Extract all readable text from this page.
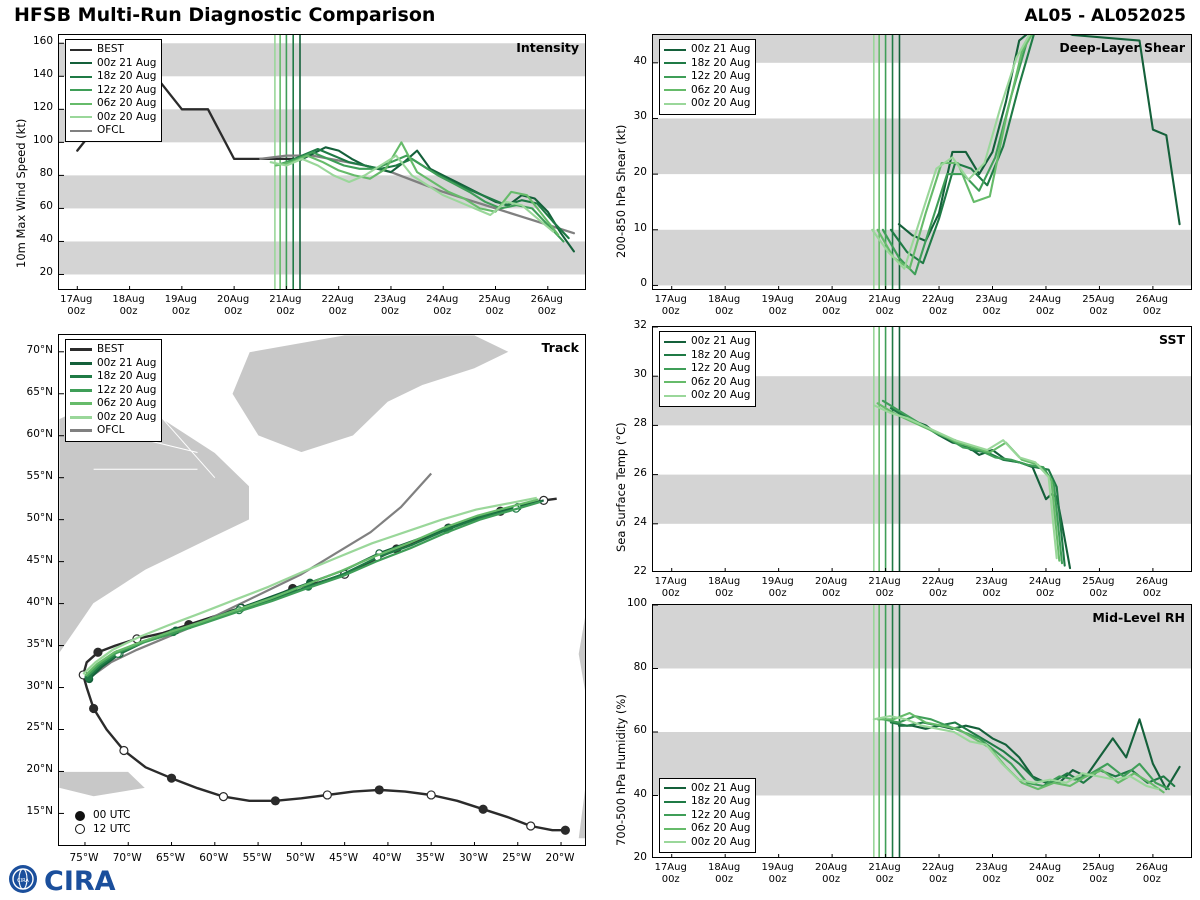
HFSB Multi-Run Diagnostic Comparison	AL05 - AL052025
10m Max Wind Speed (kt)
20
40
60
80
100
120
140
160	Intensity
BEST
00z 21 Aug
18z 20 Aug
12z 20 Aug
06z 20 Aug
00z 20 Aug
OFCL
17Aug
00z
18Aug
00z
19Aug
00z
20Aug
00z
21Aug
00z
22Aug
00z
23Aug
00z
24Aug
00z
25Aug
00z
26Aug
00z
200-850 hPa Shear (kt)
0
10
20
30
40
Deep-Layer Shear
00z 21 Aug
18z 20 Aug
12z 20 Aug
06z 20 Aug
00z 20 Aug
17Aug
00z
18Aug
00z
19Aug
00z
20Aug
00z
21Aug
00z
22Aug
00z
23Aug
00z
24Aug
00z
25Aug
00z
26Aug
00z
15°N
20°N
25°N
30°N
35°N
40°N
45°N
50°N
55°N
60°N
65°N
70°N	Track
BEST
00z 21 Aug
18z 20 Aug
12z 20 Aug
06z 20 Aug
00z 20 Aug
OFCL
00 UTC
12 UTC
75°W	70°W	65°W	60°W	55°W	50°W	45°W	40°W	35°W	30°W	25°W	20°W
Sea Surface Temp (°C)
22
24
26
28
30
32
SST
00z 21 Aug
18z 20 Aug
12z 20 Aug
06z 20 Aug
00z 20 Aug
17Aug
00z
18Aug
00z
19Aug
00z
20Aug
00z
21Aug
00z
22Aug
00z
23Aug
00z
24Aug
00z
25Aug
00z
26Aug
00z
700-500 hPa Humidity (%)
20
40
60
80
100
Mid-Level RH
00z 21 Aug
18z 20 Aug
12z 20 Aug
06z 20 Aug
00z 20 Aug
17Aug
00z
18Aug
00z
19Aug
00z
20Aug
00z
21Aug
00z
22Aug
00z
23Aug
00z
24Aug
00z
25Aug
00z
26Aug
00z
CIRA CIRA
